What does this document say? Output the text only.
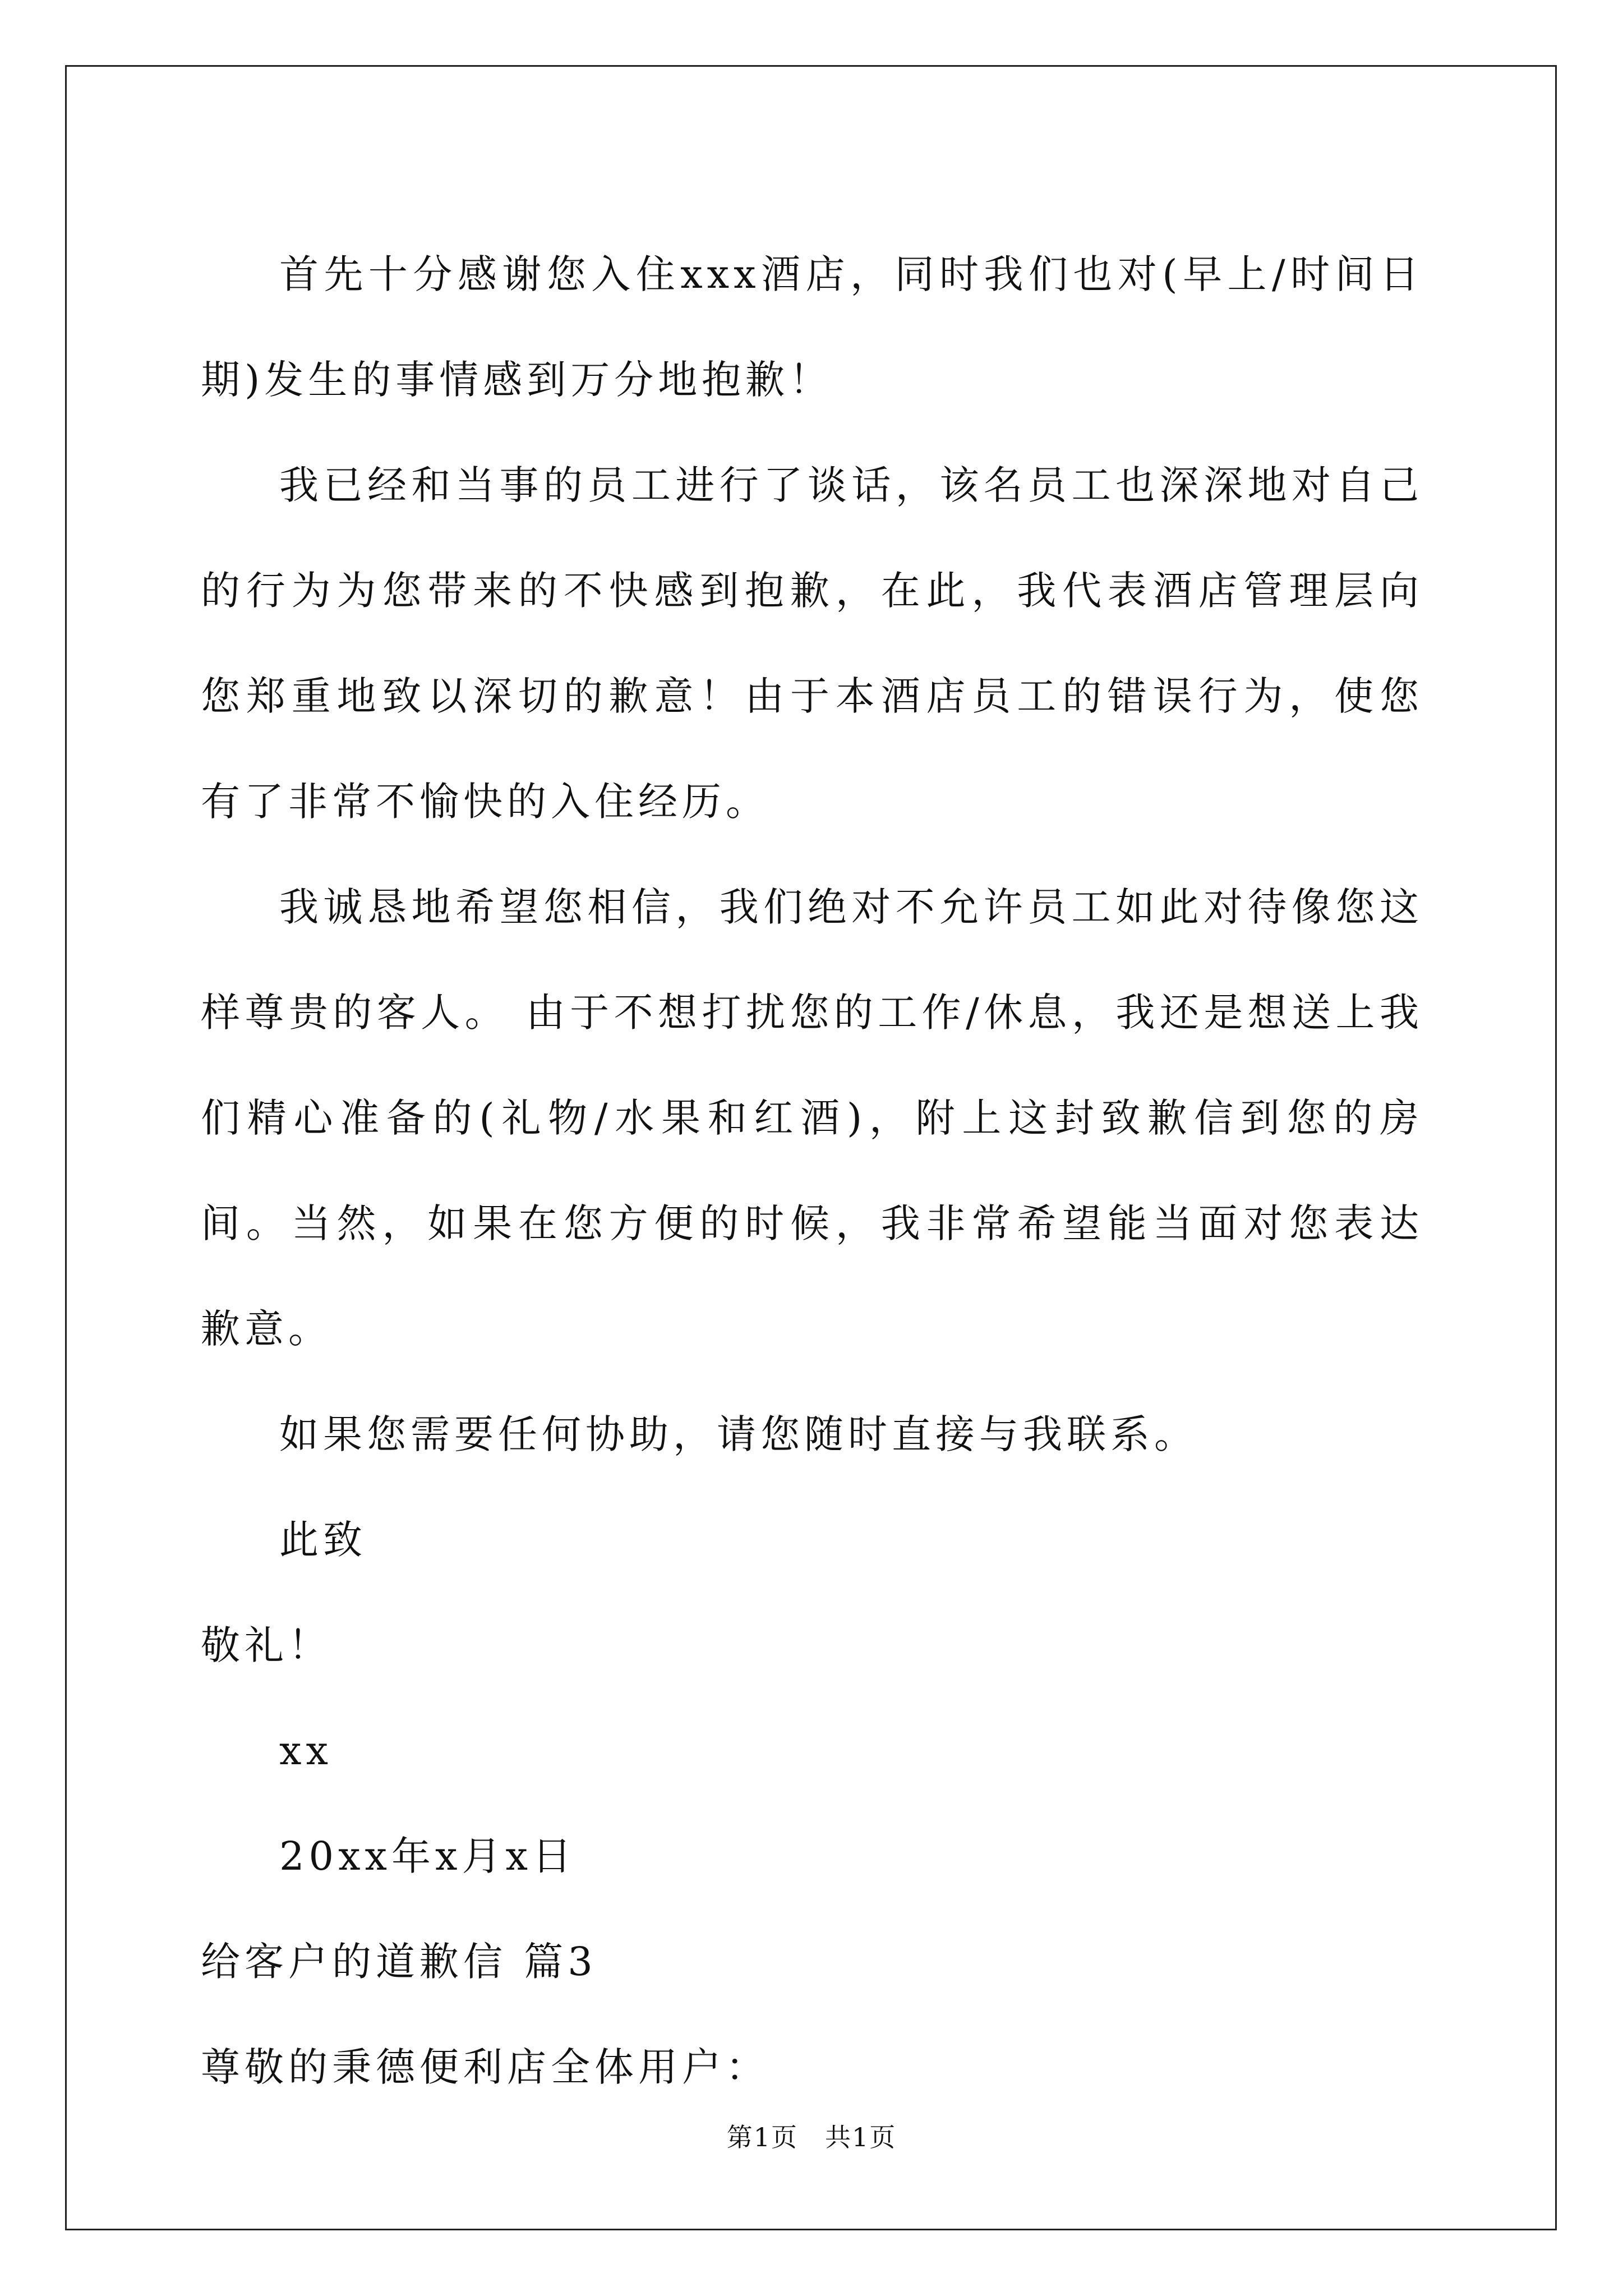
首先十分感谢您入住xxx酒店，同时我们也对(早上/时间日期)发生的事情感到万分地抱歉！

我已经和当事的员工进行了谈话，该名员工也深深地对自己的行为为您带来的不快感到抱歉，在此，我代表酒店管理层向您郑重地致以深切的歉意！由于本酒店员工的错误行为，使您有了非常不愉快的入住经历。

我诚恳地希望您相信，我们绝对不允许员工如此对待像您这样尊贵的客人。 由于不想打扰您的工作/休息，我还是想送上我们精心准备的(礼物/水果和红酒)，附上这封致歉信到您的房间。当然，如果在您方便的时候，我非常希望能当面对您表达歉意。

如果您需要任何协助，请您随时直接与我联系。

此致

敬礼！

xx

20xx年x月x日

给客户的道歉信 篇3

尊敬的秉德便利店全体用户：

第1页　共1页
